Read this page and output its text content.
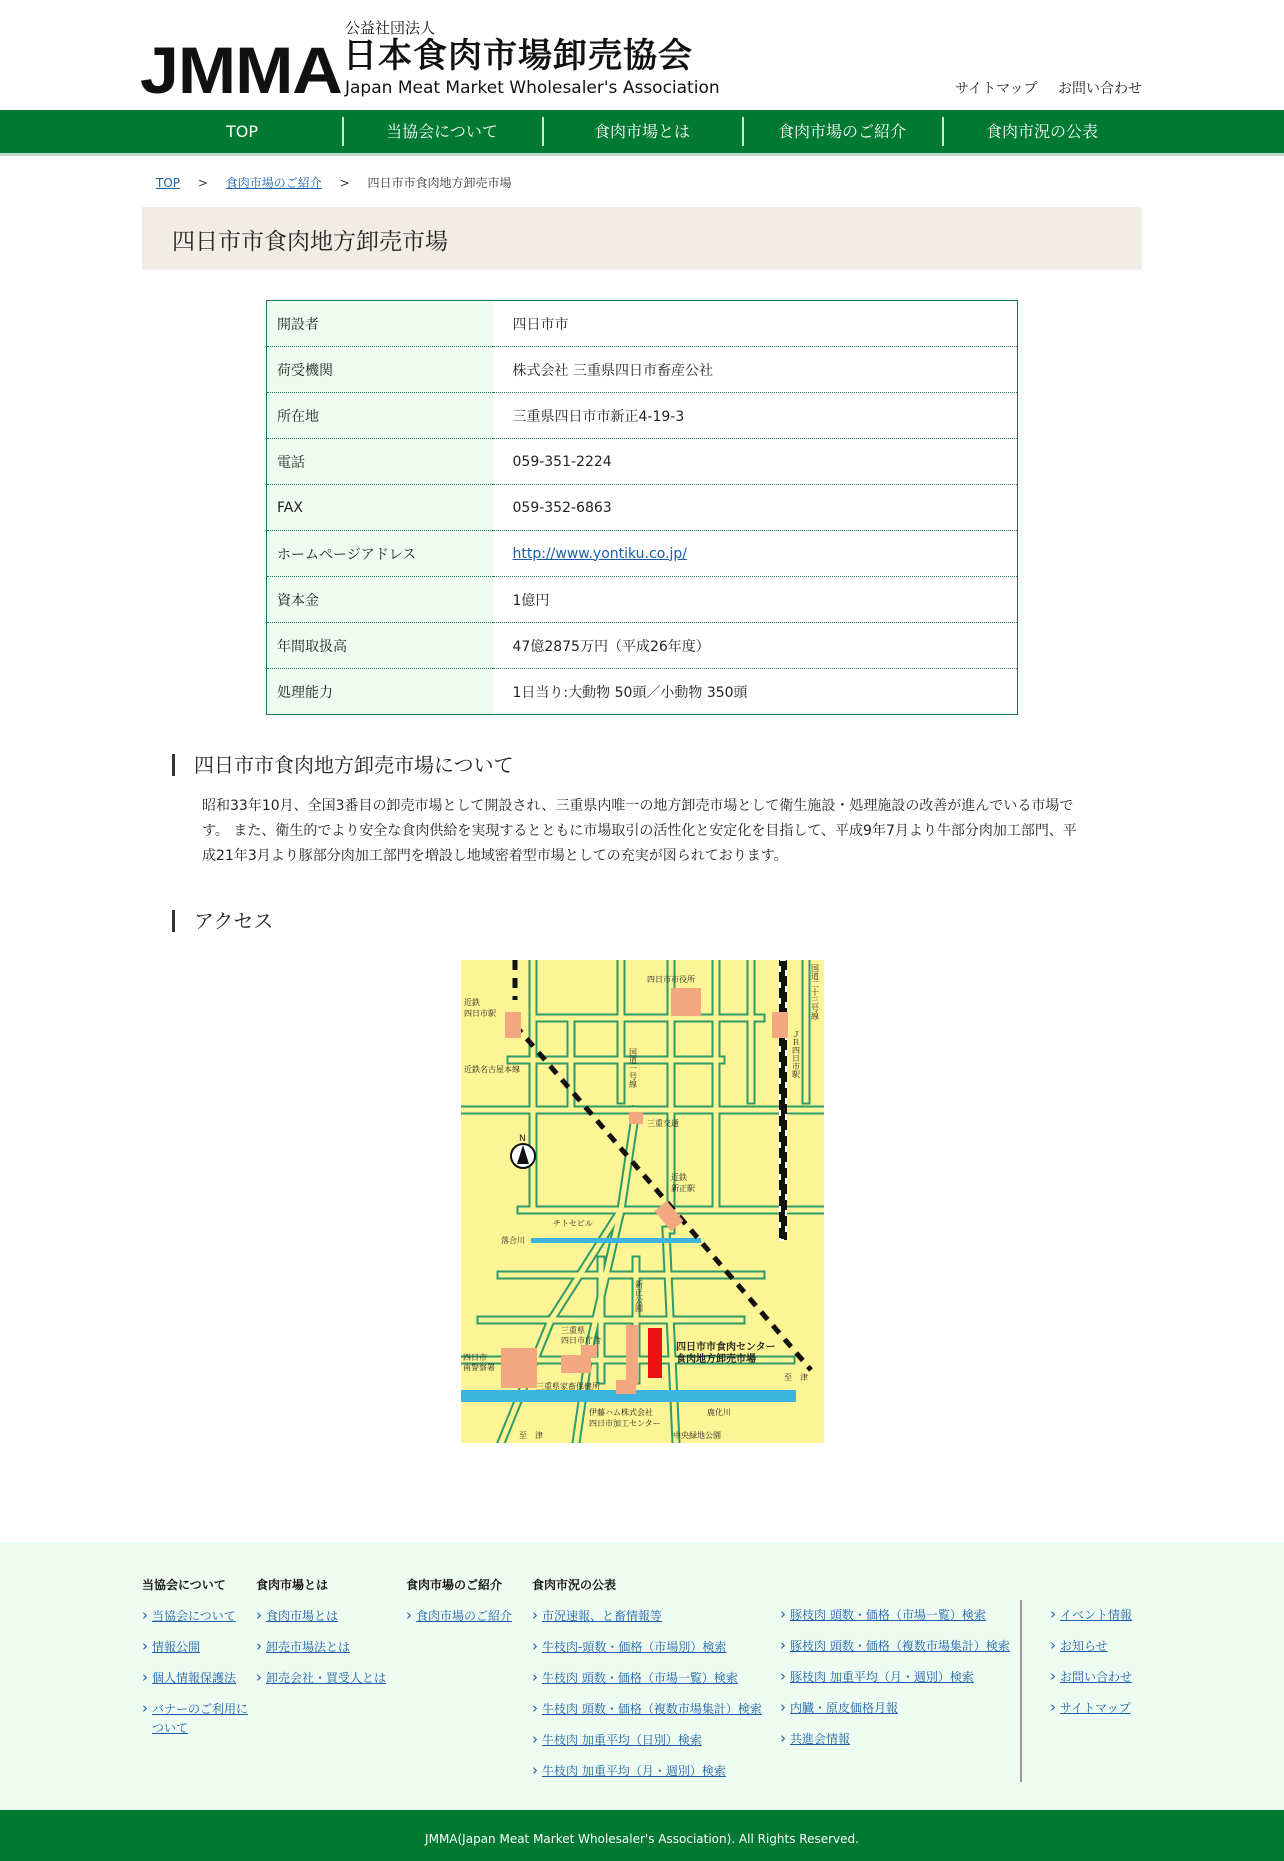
JMMA
公益社団法人
日本食肉市場卸売協会
Japan Meat Market Wholesaler's Association	サイトマップ お問い合わせ
TOP	当協会について	食肉市場とは	食肉市場のご紹介	食肉市況の公表
TOP > 食肉市場のご紹介 > 四日市市食肉地方卸売市場
四日市市食肉地方卸売市場
開設者	四日市市
荷受機関	株式会社 三重県四日市畜産公社
所在地	三重県四日市市新正4-19-3
電話	059-351-2224
FAX	059-352-6863
ホームページアドレス	http://www.yontiku.co.jp/
資本金	1億円
年間取扱高	47億2875万円（平成26年度）
処理能力	1日当り:大動物 50頭／小動物 350頭
四日市市食肉地方卸売市場について

昭和33年10月、全国3番目の卸売市場として開設され、三重県内唯一の地方卸売市場として衛生施設・処理施設の改善が進んでいる市場です。 また、衛生的でより安全な食肉供給を実現するとともに市場取引の活性化と安定化を目指して、平成9年7月より牛部分肉加工部門、平成21年3月より豚部分肉加工部門を増設し地域密着型市場としての充実が図られております。

アクセス
N
近鉄
四日市駅
四日市市役所
近鉄名古屋本線
三重交通
近鉄
新正駅
チトセビル
落合川
三重県
四日市庁舎
四日市
南警察署
四日市市食肉センター
食肉地方卸売市場
三重県家畜保健所
至　津
至　津
伊藤ハム株式会社
四日市加工センター
鹿化川
中央緑地公園
国道一号線	ＪＲ四日市駅
国道二十三号線
新正公園
当協会について
› 当協会について
› 情報公開
› 個人情報保護法
› バナーのご利用について
食肉市場とは
› 食肉市場とは
› 卸売市場法とは
› 卸売会社・買受人とは
食肉市場のご紹介
› 食肉市場のご紹介
食肉市況の公表
› 市況速報、と畜情報等
› 牛枝肉-頭数・価格（市場別）検索
› 牛枝肉 頭数・価格（市場一覧）検索
› 牛枝肉 頭数・価格（複数市場集計）検索
› 牛枝肉 加重平均（日別）検索
› 牛枝肉 加重平均（月・週別）検索
› 豚枝肉 頭数・価格（市場一覧）検索
› 豚枝肉 頭数・価格（複数市場集計）検索
› 豚枝肉 加重平均（月・週別）検索
› 内臓・原皮価格月報
› 共進会情報
› イベント情報
› お知らせ
› お問い合わせ
› サイトマップ
JMMA(Japan Meat Market Wholesaler's Association). All Rights Reserved.
